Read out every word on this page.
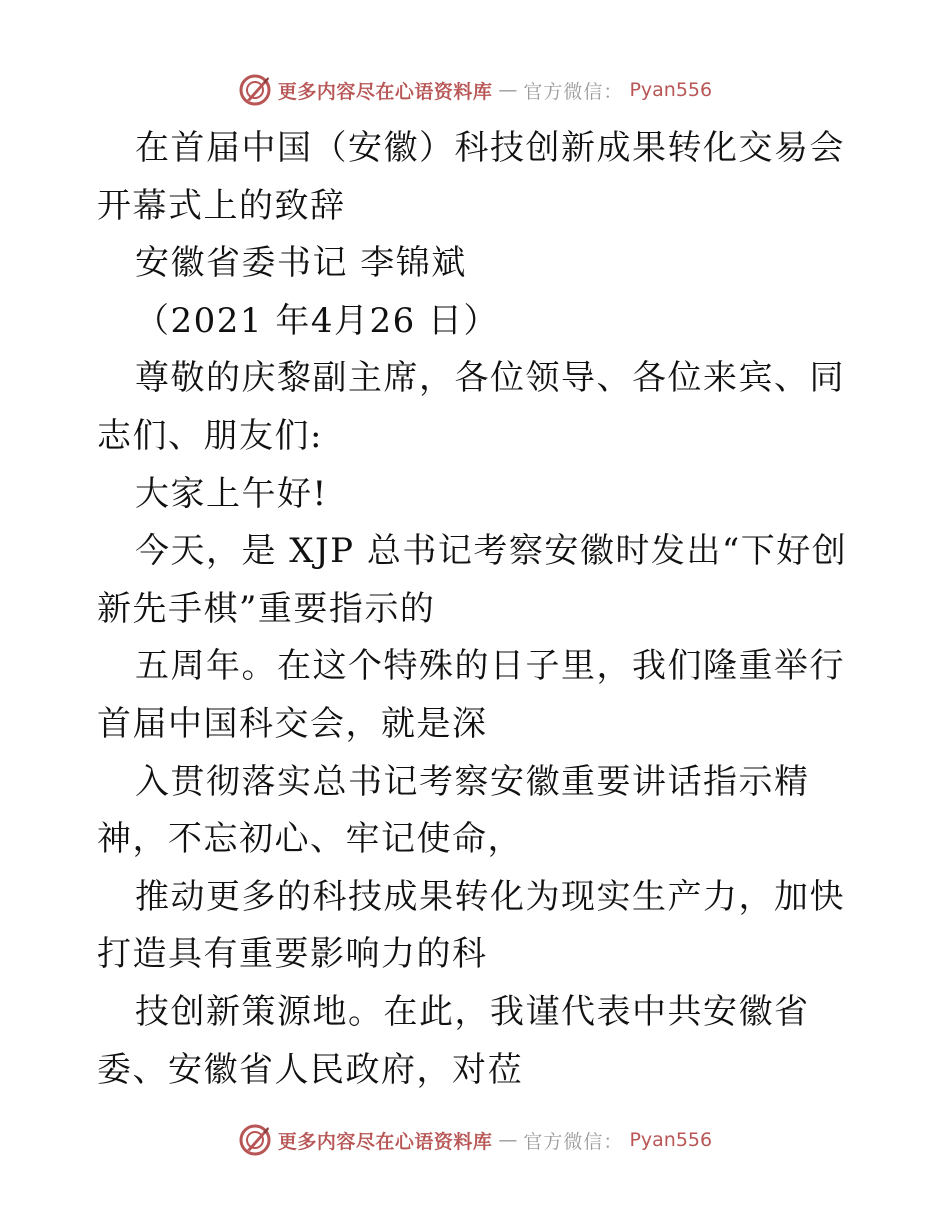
更多内容尽在心语资料库 — 官方微信： Pyan556

在首届中国（安徽）科技创新成果转化交易会开幕式上的致辞

安徽省委书记 李锦斌

（2021 年4月26 日）

尊敬的庆黎副主席，各位领导、各位来宾、同志们、朋友们:

大家上午好!

今天，是 XJP 总书记考察安徽时发出“下好创新先手棋”重要指示的

五周年。在这个特殊的日子里，我们隆重举行首届中国科交会，就是深

入贯彻落实总书记考察安徽重要讲话指示精神，不忘初心、牢记使命，

推动更多的科技成果转化为现实生产力，加快打造具有重要影响力的科

技创新策源地。在此，我谨代表中共安徽省委、安徽省人民政府，对莅

更多内容尽在心语资料库 — 官方微信： Pyan556
